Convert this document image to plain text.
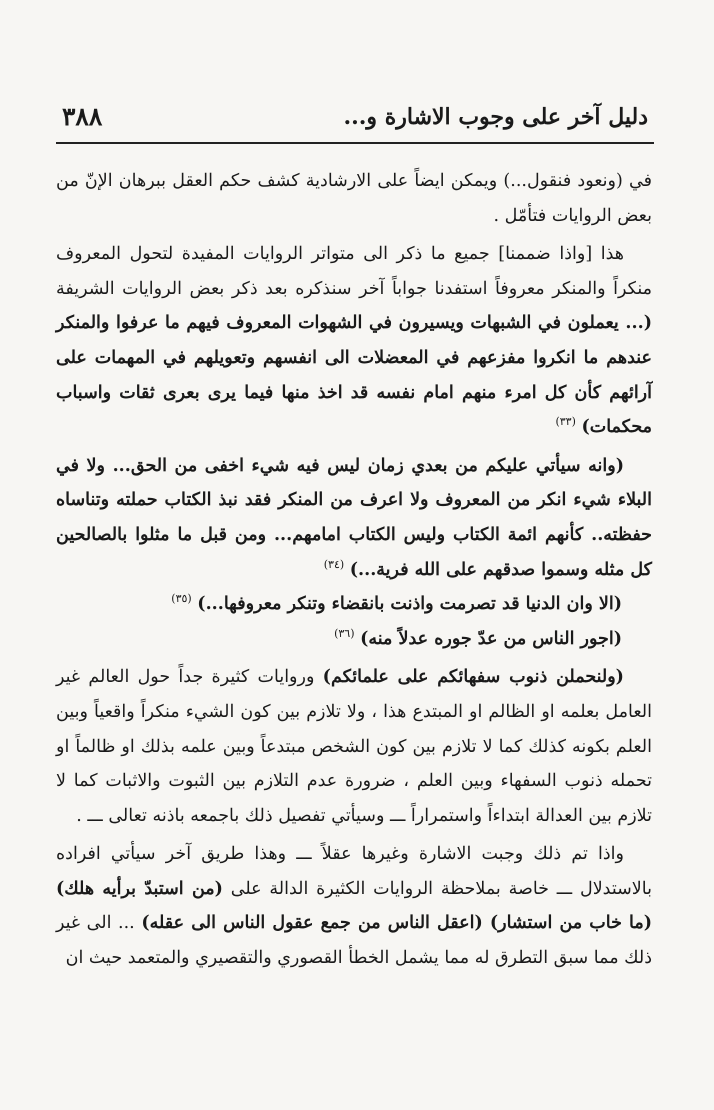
٣٨٨	دليل آخر على وجوب الاشارة و...

في (ونعود فنقول...) ويمكن ايضاً على الارشادية كشف حكم العقل ببرهان الإنّ من بعض الروايات فتأمّل .

هذا [واذا ضممنا] جميع ما ذكر الى متواتر الروايات المفيدة لتحول المعروف منكراً والمنكر معروفاً استفدنا جواباً آخر سنذكره بعد ذكر بعض الروايات الشريفة (... يعملون في الشبهات ويسيرون في الشهوات المعروف فيهم ما عرفوا والمنكر عندهم ما انكروا مفزعهم في المعضلات الى انفسهم وتعويلهم في المهمات على آرائهم كأن كل امرء منهم امام نفسه قد اخذ منها فيما يرى بعرى ثقات واسباب محكمات) $^{(٣٣)}$

(وانه سيأتي عليكم من بعدي زمان ليس فيه شيء اخفى من الحق... ولا في البلاء شيء انكر من المعروف ولا اعرف من المنكر فقد نبذ الكتاب حملته وتناساه حفظته.. كأنهم ائمة الكتاب وليس الكتاب امامهم... ومن قبل ما مثلوا بالصالحين كل مثله وسموا صدقهم على الله فرية...) $^{(٣٤)}$

(الا وان الدنيا قد تصرمت واذنت بانقضاء وتنكر معروفها...) $^{(٣٥)}$

(اجور الناس من عدّ جوره عدلاً منه) $^{(٣٦)}$

(ولنحملن ذنوب سفهائكم على علمائكم) وروايات كثيرة جداً حول العالم غير العامل بعلمه او الظالم او المبتدع هذا ، ولا تلازم بين كون الشيء منكراً واقعياً وبين العلم بكونه كذلك كما لا تلازم بين كون الشخص مبتدعاً وبين علمه بذلك او ظالماً او تحمله ذنوب السفهاء وبين العلم ، ضرورة عدم التلازم بين الثبوت والاثبات كما لا تلازم بين العدالة ابتداءاً واستمراراً ـــ وسيأتي تفصيل ذلك باجمعه باذنه تعالى ـــ .

واذا تم ذلك وجبت الاشارة وغيرها عقلاً ـــ وهذا طريق آخر سيأتي افراده بالاستدلال ـــ خاصة بملاحظة الروايات الكثيرة الدالة على (من استبدّ برأيه هلك) (ما خاب من استشار) (اعقل الناس من جمع عقول الناس الى عقله) ... الى غير ذلك مما سبق التطرق له مما يشمل الخطأ القصوري والتقصيري والمتعمد حيث ان
